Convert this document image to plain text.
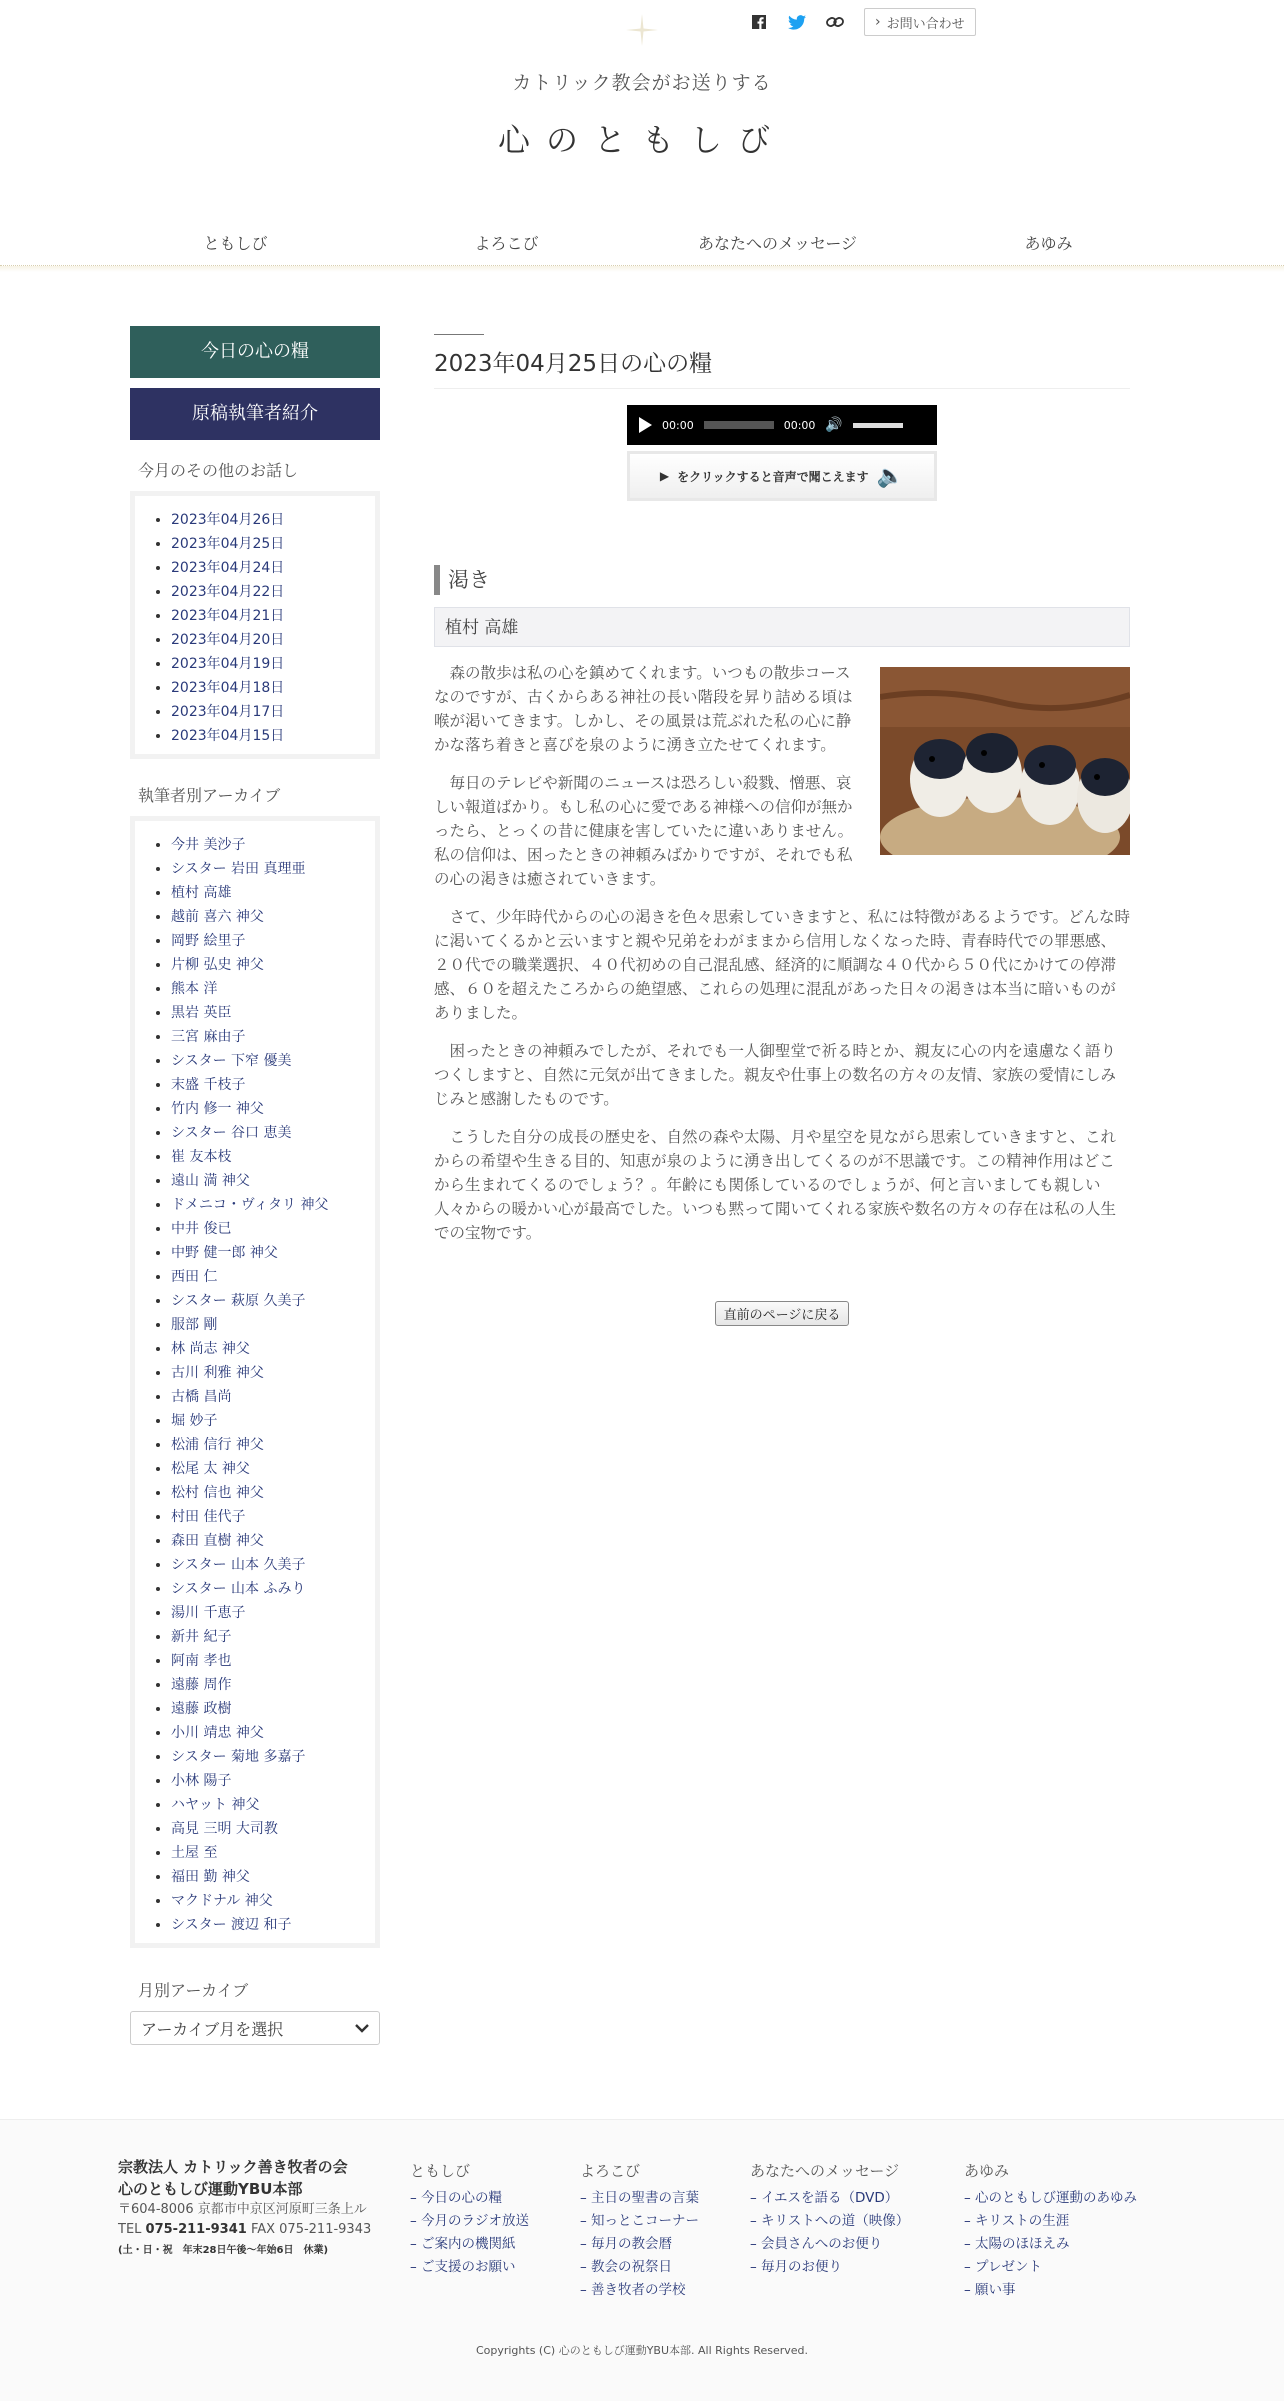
› お問い合わせ
カトリック教会がお送りする
心のともしび
ともしび	よろこび	あなたへのメッセージ	あゆみ
今日の心の糧
原稿執筆者紹介
今月のその他のお話し
• 2023年04月26日
• 2023年04月25日
• 2023年04月24日
• 2023年04月22日
• 2023年04月21日
• 2023年04月20日
• 2023年04月19日
• 2023年04月18日
• 2023年04月17日
• 2023年04月15日
執筆者別アーカイブ
• 今井 美沙子
• シスター 岩田 真理亜
• 植村 高雄
• 越前 喜六 神父
• 岡野 絵里子
• 片柳 弘史 神父
• 熊本 洋
• 黒岩 英臣
• 三宮 麻由子
• シスター 下窄 優美
• 末盛 千枝子
• 竹内 修一 神父
• シスター 谷口 恵美
• 崔 友本枝
• 遠山 満 神父
• ドメニコ・ヴィタリ 神父
• 中井 俊已
• 中野 健一郎 神父
• 西田 仁
• シスター 萩原 久美子
• 服部 剛
• 林 尚志 神父
• 古川 利雅 神父
• 古橋 昌尚
• 堀 妙子
• 松浦 信行 神父
• 松尾 太 神父
• 松村 信也 神父
• 村田 佳代子
• 森田 直樹 神父
• シスター 山本 久美子
• シスター 山本 ふみり
• 湯川 千恵子
• 新井 紀子
• 阿南 孝也
• 遠藤 周作
• 遠藤 政樹
• 小川 靖忠 神父
• シスター 菊地 多嘉子
• 小林 陽子
• ハヤット 神父
• 高見 三明 大司教
• 土屋 至
• 福田 勤 神父
• マクドナル 神父
• シスター 渡辺 和子
月別アーカイブ
アーカイブ月を選択
2023年04月25日の心の糧
00:00	00:00 🔊
▶ をクリックすると音声で聞こえます 🔈
渇き
植村 高雄

森の散歩は私の心を鎮めてくれます。いつもの散歩コースなのですが、古くからある神社の長い階段を昇り詰める頃は喉が渇いてきます。しかし、その風景は荒ぶれた私の心に静かな落ち着きと喜びを泉のように湧き立たせてくれます。

毎日のテレビや新聞のニュースは恐ろしい殺戮、憎悪、哀しい報道ばかり。もし私の心に愛である神様への信仰が無かったら、とっくの昔に健康を害していたに違いありません。私の信仰は、困ったときの神頼みばかりですが、それでも私の心の渇きは癒されていきます。

さて、少年時代からの心の渇きを色々思索していきますと、私には特徴があるようです。どんな時に渇いてくるかと云いますと親や兄弟をわがままから信用しなくなった時、青春時代での罪悪感、２０代での職業選択、４０代初めの自己混乱感、経済的に順調な４０代から５０代にかけての停滞感、６０を超えたころからの絶望感、これらの処理に混乱があった日々の渇きは本当に暗いものがありました。

困ったときの神頼みでしたが、それでも一人御聖堂で祈る時とか、親友に心の内を遠慮なく語りつくしますと、自然に元気が出てきました。親友や仕事上の数名の方々の友情、家族の愛情にしみじみと感謝したものです。

こうした自分の成長の歴史を、自然の森や太陽、月や星空を見ながら思索していきますと、これからの希望や生きる目的、知恵が泉のように湧き出してくるのが不思議です。この精神作用はどこから生まれてくるのでしょう？。年齢にも関係しているのでしょうが、何と言いましても親しい人々からの暖かい心が最高でした。いつも黙って聞いてくれる家族や数名の方々の存在は私の人生での宝物です。

直前のページに戻る
宗教法人 カトリック善き牧者の会
心のともしび運動YBU本部
〒604-8006 京都市中京区河原町三条上ル
TEL 075-211-9341 FAX 075-211-9343
(土・日・祝　年末28日午後〜年始6日　休業)
ともしび
– 今日の心の糧
– 今月のラジオ放送
– ご案内の機関紙
– ご支援のお願い
よろこび
– 主日の聖書の言葉
– 知っとこコーナー
– 毎月の教会暦
– 教会の祝祭日
– 善き牧者の学校
あなたへのメッセージ
– イエスを語る（DVD）
– キリストへの道（映像）
– 会員さんへのお便り
– 毎月のお便り
あゆみ
– 心のともしび運動のあゆみ
– キリストの生涯
– 太陽のほほえみ
– プレゼント
– 願い事
Copyrights (C) 心のともしび運動YBU本部. All Rights Reserved.
